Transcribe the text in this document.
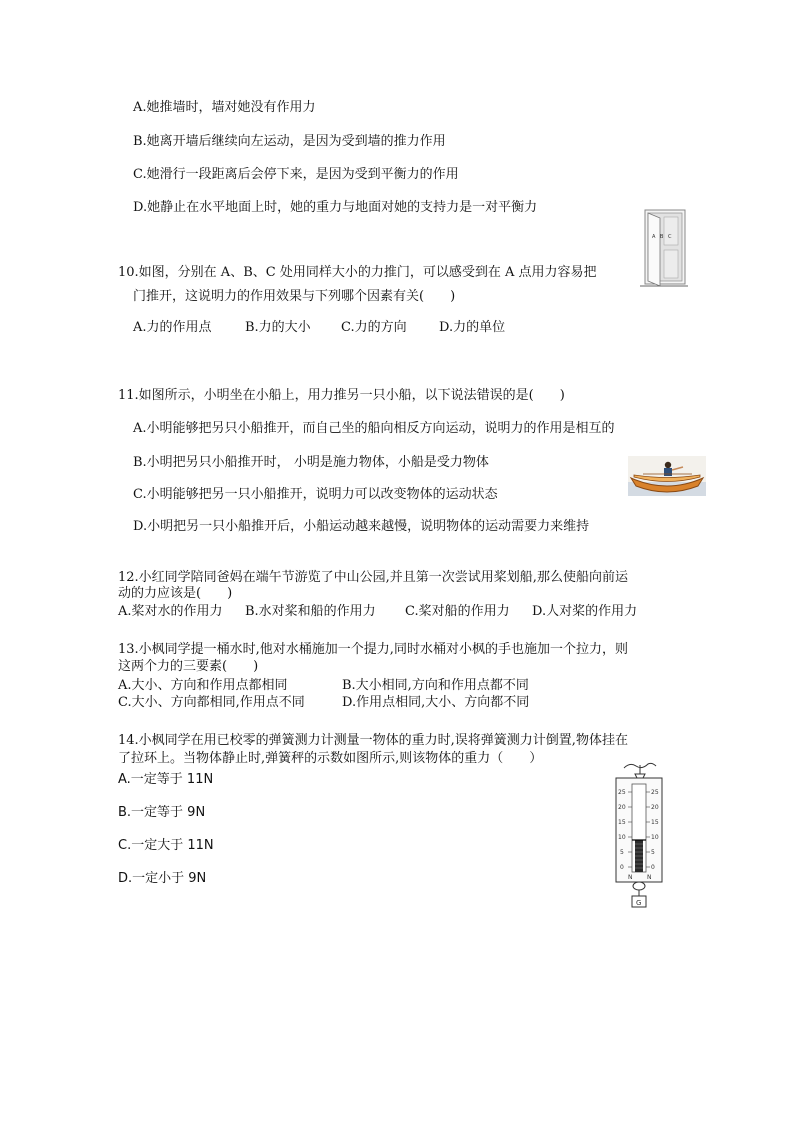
A.她推墙时，墙对她没有作用力
B.她离开墙后继续向左运动，是因为受到墙的推力作用
C.她滑行一段距离后会停下来，是因为受到平衡力的作用
D.她静止在水平地面上时，她的重力与地面对她的支持力是一对平衡力
A B C
10.如图，分别在 A、B、C 处用同样大小的力推门，可以感受到在 A 点用力容易把
门推开，这说明力的作用效果与下列哪个因素有关(　　)
A.力的作用点	B.力的大小 C.力的方向 D.力的单位
11.如图所示，小明坐在小船上，用力推另一只小船，以下说法错误的是(　　)
A.小明能够把另只小船推开，而自己坐的船向相反方向运动，说明力的作用是相互的
B.小明把另只小船推开时， 小明是施力物体，小船是受力物体
C.小明能够把另一只小船推开，说明力可以改变物体的运动状态
D.小明把另一只小船推开后，小船运动越来越慢，说明物体的运动需要力来维持
12.小红同学陪同爸妈在端午节游览了中山公园,并且第一次尝试用桨划船,那么使船向前运
动的力应该是(　　)
A.桨对水的作用力 B.水对桨和船的作用力 C.桨对船的作用力 D.人对桨的作用力
13.小枫同学提一桶水时,他对水桶施加一个提力,同时水桶对小枫的手也施加一个拉力，则
这两个力的三要素(　　)
A.大小、方向和作用点都相同	B.大小相同,方向和作用点都不同
C.大小、方向都相同,作用点不同	D.作用点相同,大小、方向都不同
14.小枫同学在用已校零的弹簧测力计测量一物体的重力时,误将弹簧测力计倒置,物体挂在
了拉环上。当物体静止时,弹簧秤的示数如图所示,则该物体的重力（　　）
A.一定等于 11N
B.一定等于 9N
C.一定大于 11N
D.一定小于 9N
25
20
15
10
5
0
25
20
15
10
5
0
N N
G
